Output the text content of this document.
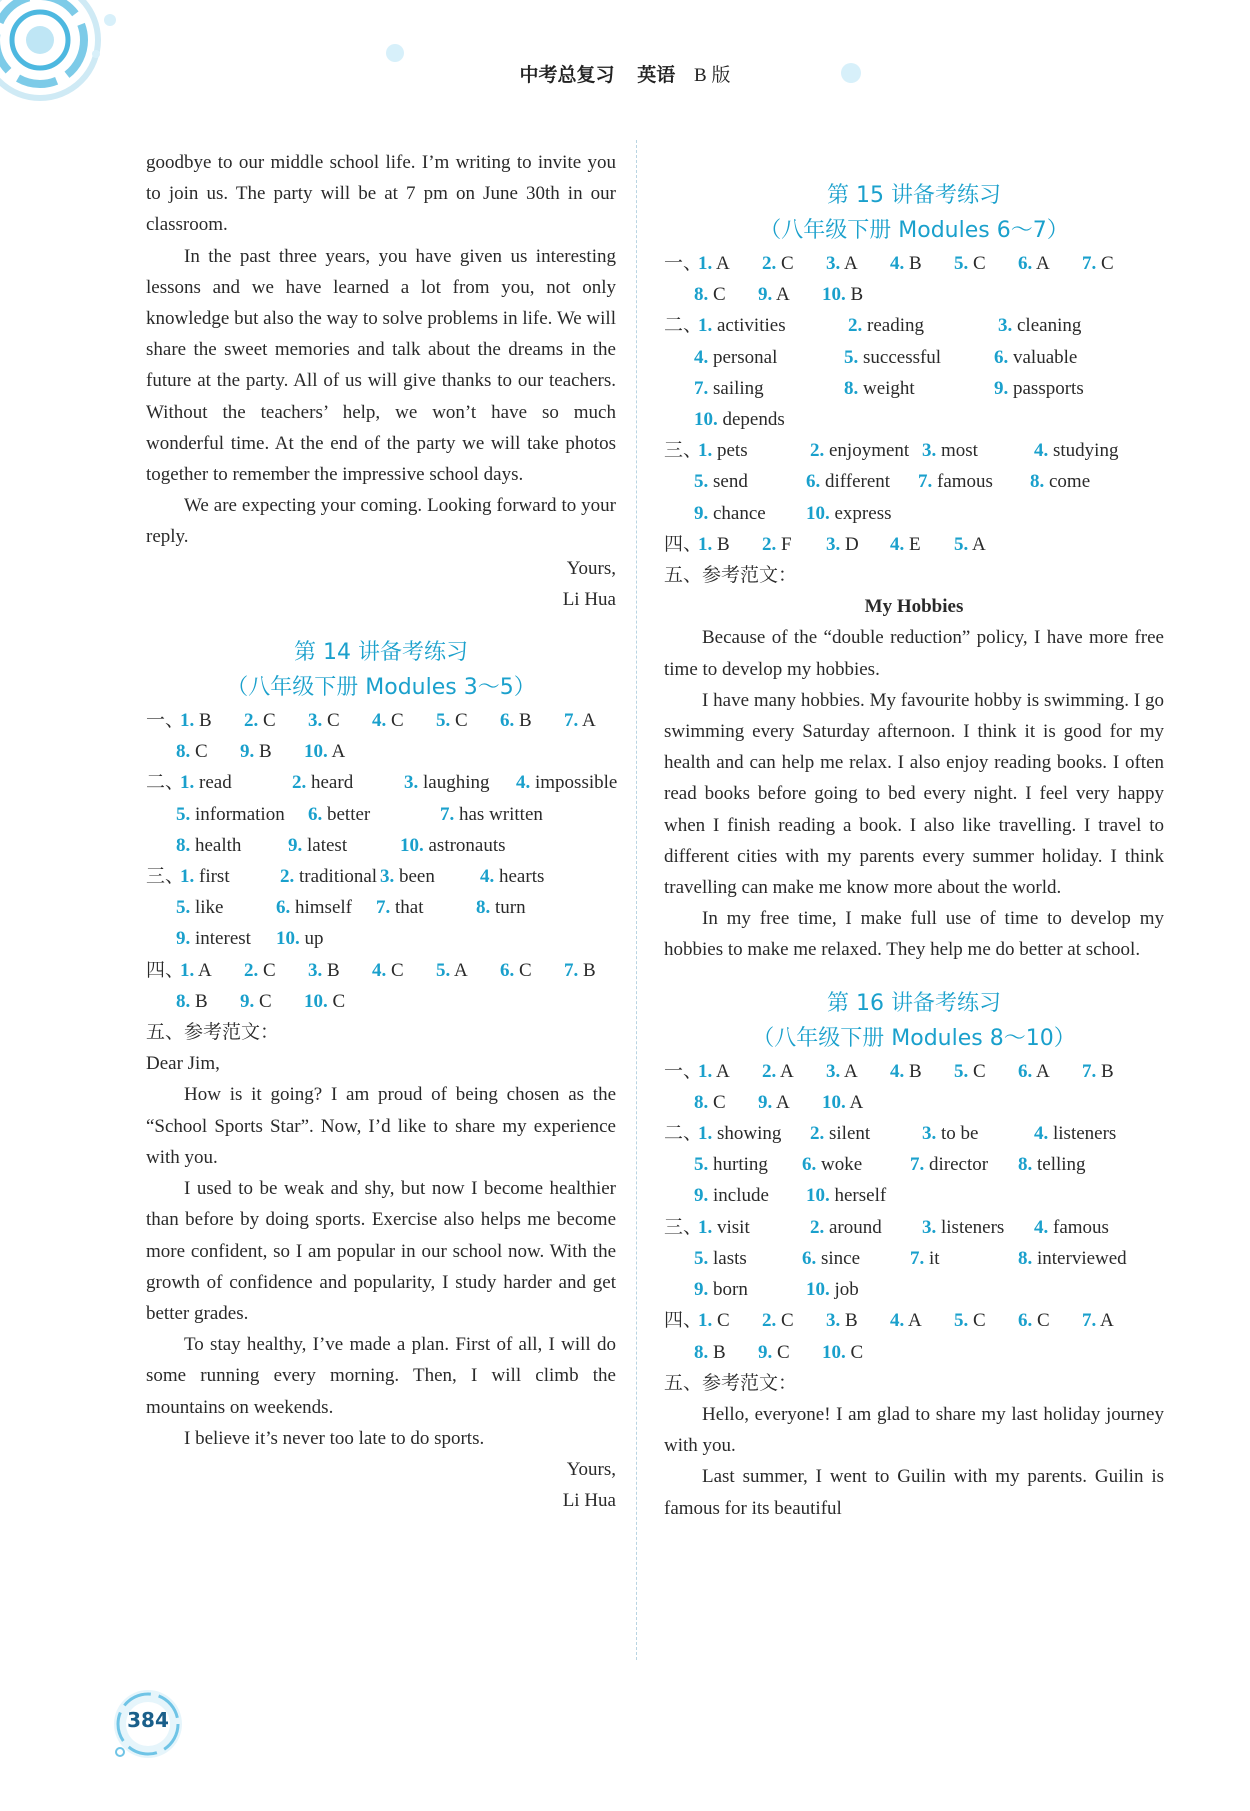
中考总复习 英语 B 版
goodbye to our middle school life. I’m writing to invite you to join us. The party will be at 7 pm on June 30th in our classroom.
In the past three years, you have given us interesting lessons and we have learned a lot from you, not only knowledge but also the way to solve problems in life. We will share the sweet memories and talk about the dreams in the future at the party. All of us will give thanks to our teachers. Without the teachers’ help, we won’t have so much wonderful time. At the end of the party we will take photos together to remember the impressive school days.
We are expecting your coming. Looking forward to your reply.
Yours,
Li Hua
第 14 讲备考练习
（八年级下册 Modules 3～5）
一、1. B 2. C 3. C 4. C 5. C 6. B 7. A
8. C 9. B 10. A
二、1. read	2. heard	3. laughing 4. impossible
5. information 6. better	7. has written
8. health 9. latest	10. astronauts
三、1. first	2. traditional 3. been 4. hearts
5. like	6. himself 7. that	8. turn
9. interest 10. up
四、1. A 2. C 3. B 4. C 5. A 6. C 7. B
8. B 9. C 10. C
五、参考范文：
Dear Jim,
How is it going? I am proud of being chosen as the “School Sports Star”. Now, I’d like to share my experience with you.
I used to be weak and shy, but now I become healthier than before by doing sports. Exercise also helps me become more confident, so I am popular in our school now. With the growth of confidence and popularity, I study harder and get better grades.
To stay healthy, I’ve made a plan. First of all, I will do some running every morning. Then, I will climb the mountains on weekends.
I believe it’s never too late to do sports.
Yours,
Li Hua
第 15 讲备考练习
（八年级下册 Modules 6～7）
一、1. A 2. C 3. A 4. B 5. C 6. A 7. C
8. C 9. A 10. B
二、1. activities	2. reading	3. cleaning
4. personal	5. successful	6. valuable
7. sailing	8. weight	9. passports
10. depends
三、1. pets	2. enjoyment 3. most	4. studying
5. send	6. different 7. famous 8. come
9. chance 10. express
四、1. B 2. F 3. D 4. E 5. A
五、参考范文：
My Hobbies
Because of the “double reduction” policy, I have more free time to develop my hobbies.
I have many hobbies. My favourite hobby is swimming. I go swimming every Saturday afternoon. I think it is good for my health and can help me relax. I also enjoy reading books. I often read books before going to bed every night. I feel very happy when I finish reading a book. I also like travelling. I travel to different cities with my parents every summer holiday. I think travelling can make me know more about the world.
In my free time, I make full use of time to develop my hobbies to make me relaxed. They help me do better at school.
第 16 讲备考练习
（八年级下册 Modules 8～10）
一、1. A 2. A 3. A 4. B 5. C 6. A 7. B
8. C 9. A 10. A
二、1. showing 2. silent	3. to be	4. listeners
5. hurting 6. woke	7. director 8. telling
9. include 10. herself
三、1. visit	2. around 3. listeners 4. famous
5. lasts	6. since	7. it	8. interviewed
9. born	10. job
四、1. C 2. C 3. B 4. A 5. C 6. C 7. A
8. B 9. C 10. C
五、参考范文：
Hello, everyone! I am glad to share my last holiday journey with you.
Last summer, I went to Guilin with my parents. Guilin is famous for its beautiful
384
